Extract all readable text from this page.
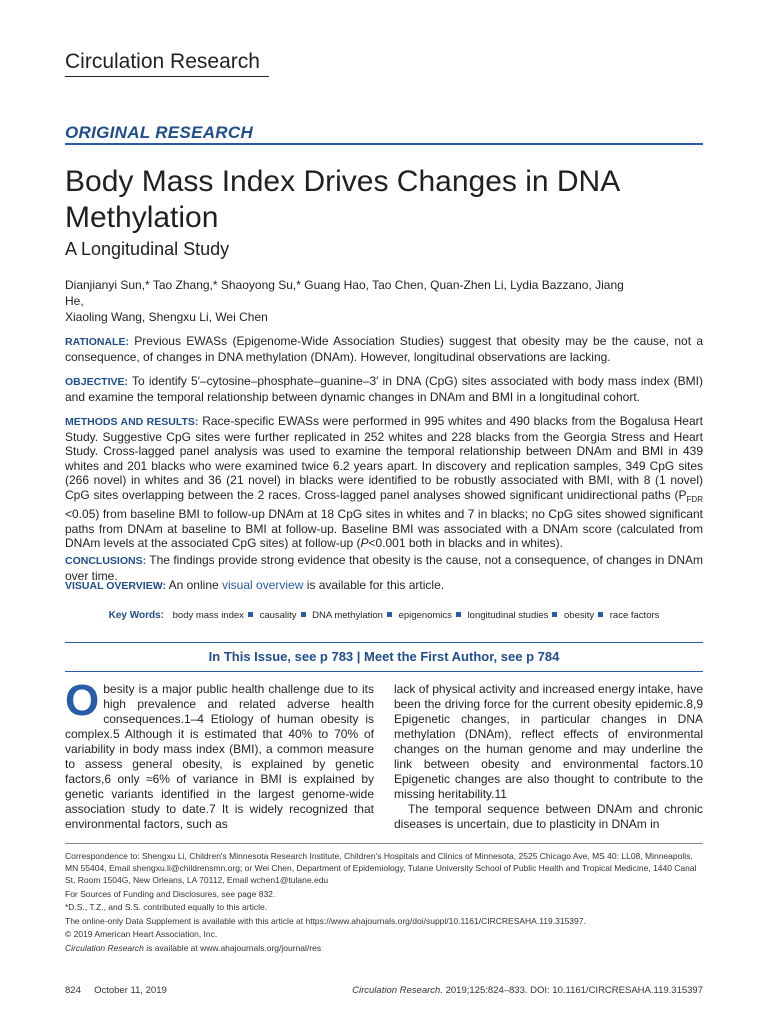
Circulation Research
ORIGINAL RESEARCH
Body Mass Index Drives Changes in DNA Methylation
A Longitudinal Study
Dianjianyi Sun,* Tao Zhang,* Shaoyong Su,* Guang Hao, Tao Chen, Quan-Zhen Li, Lydia Bazzano, Jiang He,
Xiaoling Wang, Shengxu Li, Wei Chen
RATIONALE: Previous EWASs (Epigenome-Wide Association Studies) suggest that obesity may be the cause, not a consequence, of changes in DNA methylation (DNAm). However, longitudinal observations are lacking.
OBJECTIVE: To identify 5′–cytosine–phosphate–guanine–3′ in DNA (CpG) sites associated with body mass index (BMI) and examine the temporal relationship between dynamic changes in DNAm and BMI in a longitudinal cohort.
METHODS AND RESULTS: Race-specific EWASs were performed in 995 whites and 490 blacks from the Bogalusa Heart Study. Suggestive CpG sites were further replicated in 252 whites and 228 blacks from the Georgia Stress and Heart Study. Cross-lagged panel analysis was used to examine the temporal relationship between DNAm and BMI in 439 whites and 201 blacks who were examined twice 6.2 years apart. In discovery and replication samples, 349 CpG sites (266 novel) in whites and 36 (21 novel) in blacks were identified to be robustly associated with BMI, with 8 (1 novel) CpG sites overlapping between the 2 races. Cross-lagged panel analyses showed significant unidirectional paths $(P_{FDR} <0.05)$ from baseline BMI to follow-up DNAm at 18 CpG sites in whites and 7 in blacks; no CpG sites showed significant paths from DNAm at baseline to BMI at follow-up. Baseline BMI was associated with a DNAm score (calculated from DNAm levels at the associated CpG sites) at follow-up (P<0.001 both in blacks and in whites).
CONCLUSIONS: The findings provide strong evidence that obesity is the cause, not a consequence, of changes in DNAm over time.
VISUAL OVERVIEW: An online visual overview is available for this article.
Key Words: body mass index causality DNA methylation epigenomics longitudinal studies obesity race factors
In This Issue, see p 783 | Meet the First Author, see p 784
Obesity is a major public health challenge due to its high prevalence and related adverse health consequences.1–4 Etiology of human obesity is complex.5 Although it is estimated that 40% to 70% of variability in body mass index (BMI), a common measure to assess general obesity, is explained by genetic factors,6 only ≈6% of variance in BMI is explained by genetic variants identified in the largest genome-wide association study to date.7 It is widely recognized that environmental factors, such as
lack of physical activity and increased energy intake, have been the driving force for the current obesity epidemic.8,9 Epigenetic changes, in particular changes in DNA methylation (DNAm), reflect effects of environmental changes on the human genome and may underline the link between obesity and environmental factors.10 Epigenetic changes are also thought to contribute to the missing heritability.11
The temporal sequence between DNAm and chronic diseases is uncertain, due to plasticity in DNAm in

Correspondence to: Shengxu Li, Children's Minnesota Research Institute, Children's Hospitals and Clinics of Minnesota, 2525 Chicago Ave, MS 40: LL08, Minneapolis, MN 55404, Email shengxu.li@childrensmn.org; or Wei Chen, Department of Epidemiology, Tulane University School of Public Health and Tropical Medicine, 1440 Canal St, Room 1504G, New Orleans, LA 70112, Email wchen1@tulane.edu

For Sources of Funding and Disclosures, see page 832.

*D.S., T.Z., and S.S. contributed equally to this article.

The online-only Data Supplement is available with this article at https://www.ahajournals.org/doi/suppl/10.1161/CIRCRESAHA.119.315397.

© 2019 American Heart Association, Inc.

Circulation Research is available at www.ahajournals.org/journal/res

824 October 11, 2019	Circulation Research. 2019;125:824–833. DOI: 10.1161/CIRCRESAHA.119.315397
